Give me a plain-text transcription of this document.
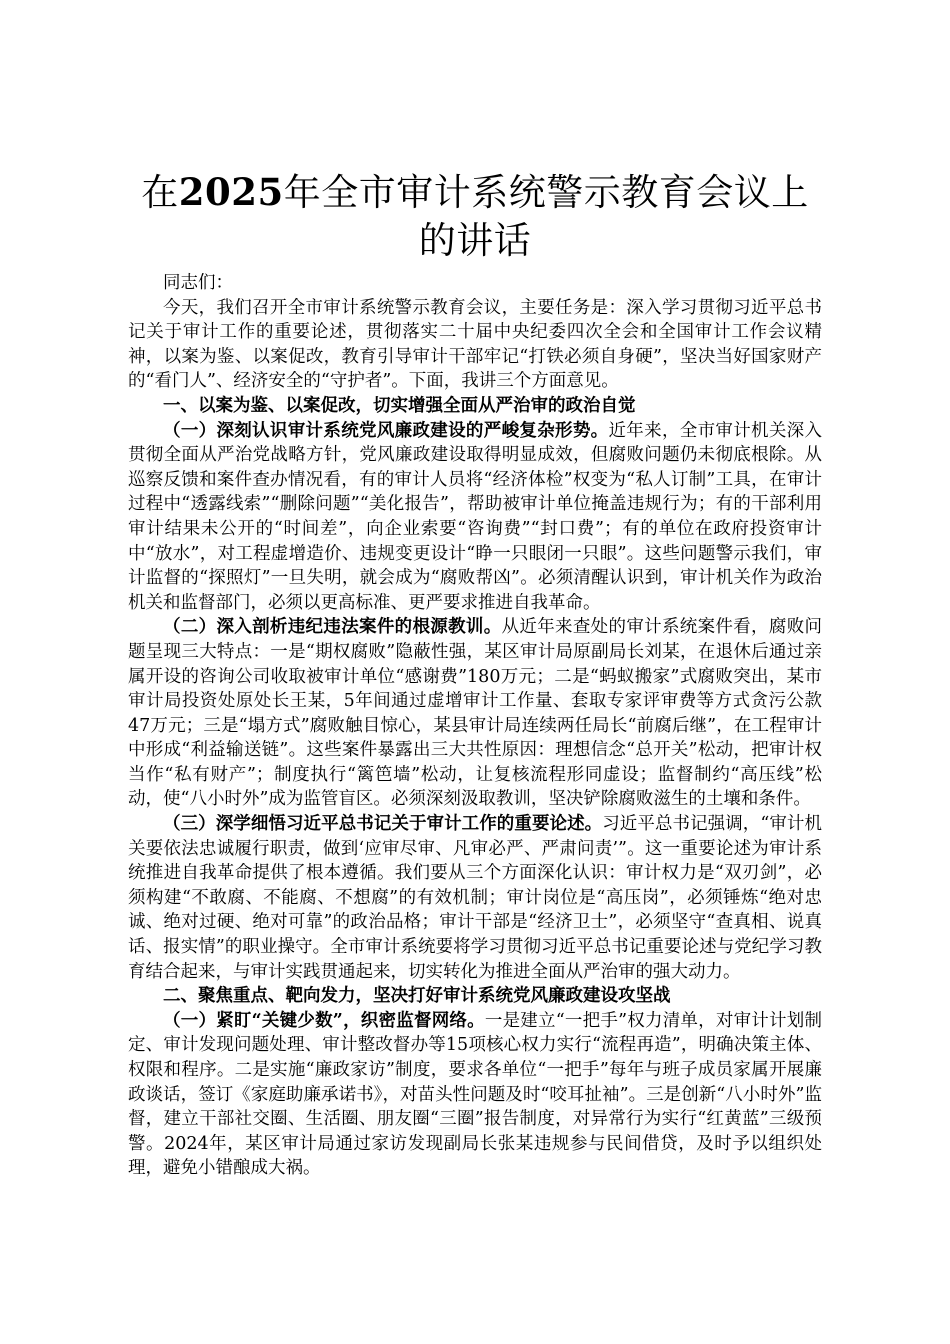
在2025年全市审计系统警示教育会议上的讲话

同志们：

今天，我们召开全市审计系统警示教育会议，主要任务是：深入学习贯彻习近平总书记关于审计工作的重要论述，贯彻落实二十届中央纪委四次全会和全国审计工作会议精神，以案为鉴、以案促改，教育引导审计干部牢记“打铁必须自身硬”，坚决当好国家财产的“看门人”、经济安全的“守护者”。下面，我讲三个方面意见。

一、以案为鉴、以案促改，切实增强全面从严治审的政治自觉

（一）深刻认识审计系统党风廉政建设的严峻复杂形势。近年来，全市审计机关深入贯彻全面从严治党战略方针，党风廉政建设取得明显成效，但腐败问题仍未彻底根除。从巡察反馈和案件查办情况看，有的审计人员将“经济体检”权变为“私人订制”工具，在审计过程中“透露线索”“删除问题”“美化报告”，帮助被审计单位掩盖违规行为；有的干部利用审计结果未公开的“时间差”，向企业索要“咨询费”“封口费”；有的单位在政府投资审计中“放水”，对工程虚增造价、违规变更设计“睁一只眼闭一只眼”。这些问题警示我们，审计监督的“探照灯”一旦失明，就会成为“腐败帮凶”。必须清醒认识到，审计机关作为政治机关和监督部门，必须以更高标准、更严要求推进自我革命。

（二）深入剖析违纪违法案件的根源教训。从近年来查处的审计系统案件看，腐败问题呈现三大特点：一是“期权腐败”隐蔽性强，某区审计局原副局长刘某，在退休后通过亲属开设的咨询公司收取被审计单位“感谢费”180万元；二是“蚂蚁搬家”式腐败突出，某市审计局投资处原处长王某，5年间通过虚增审计工作量、套取专家评审费等方式贪污公款47万元；三是“塌方式”腐败触目惊心，某县审计局连续两任局长“前腐后继”，在工程审计中形成“利益输送链”。这些案件暴露出三大共性原因：理想信念“总开关”松动，把审计权当作“私有财产”；制度执行“篱笆墙”松动，让复核流程形同虚设；监督制约“高压线”松动，使“八小时外”成为监管盲区。必须深刻汲取教训，坚决铲除腐败滋生的土壤和条件。

（三）深学细悟习近平总书记关于审计工作的重要论述。习近平总书记强调，“审计机关要依法忠诚履行职责，做到‘应审尽审、凡审必严、严肃问责’”。这一重要论述为审计系统推进自我革命提供了根本遵循。我们要从三个方面深化认识：审计权力是“双刃剑”，必须构建“不敢腐、不能腐、不想腐”的有效机制；审计岗位是“高压岗”，必须锤炼“绝对忠诚、绝对过硬、绝对可靠”的政治品格；审计干部是“经济卫士”，必须坚守“查真相、说真话、报实情”的职业操守。全市审计系统要将学习贯彻习近平总书记重要论述与党纪学习教育结合起来，与审计实践贯通起来，切实转化为推进全面从严治审的强大动力。

二、聚焦重点、靶向发力，坚决打好审计系统党风廉政建设攻坚战

（一）紧盯“关键少数”，织密监督网络。一是建立“一把手”权力清单，对审计计划制定、审计发现问题处理、审计整改督办等15项核心权力实行“流程再造”，明确决策主体、权限和程序。二是实施“廉政家访”制度，要求各单位“一把手”每年与班子成员家属开展廉政谈话，签订《家庭助廉承诺书》，对苗头性问题及时“咬耳扯袖”。三是创新“八小时外”监督，建立干部社交圈、生活圈、朋友圈“三圈”报告制度，对异常行为实行“红黄蓝”三级预警。2024年，某区审计局通过家访发现副局长张某违规参与民间借贷，及时予以组织处理，避免小错酿成大祸。
